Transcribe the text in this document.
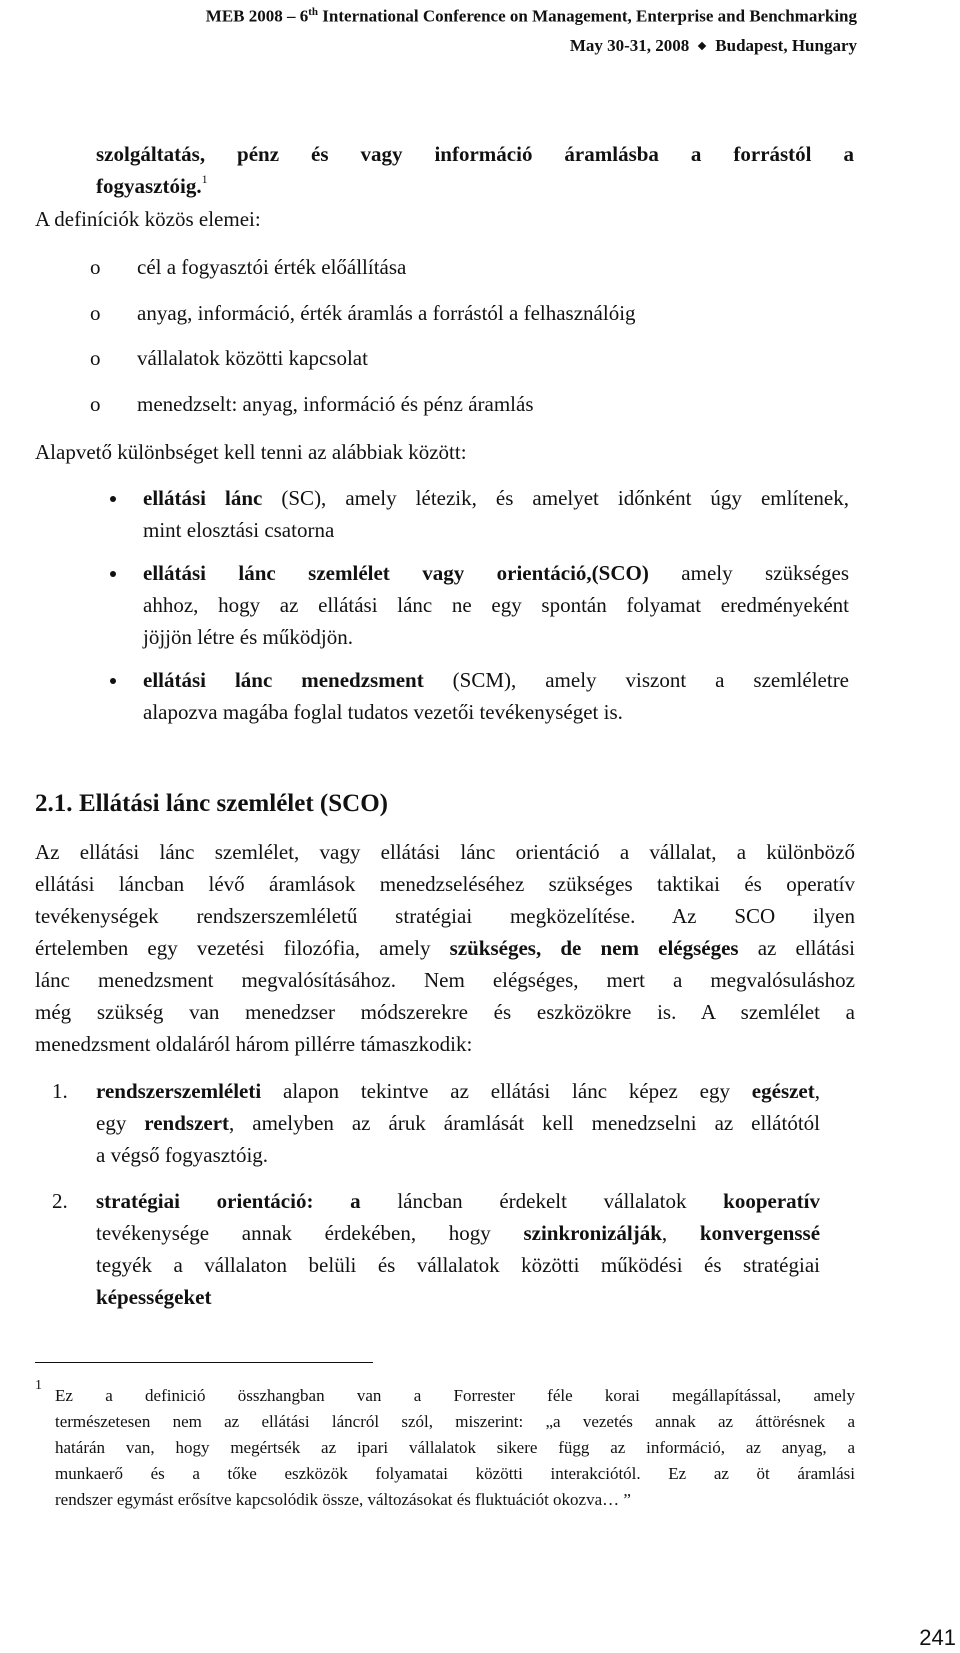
MEB 2008 – 6th International Conference on Management, Enterprise and Benchmarking
May 30-31, 2008 Budapest, Hungary
szolgáltatás, pénz és vagy információ áramlásba a forrástól a
fogyasztóig.$^1$
A definíciók közös elemei:
o cél a fogyasztói érték előállítása
o anyag, információ, érték áramlás a forrástól a felhasználóig
o vállalatok közötti kapcsolat
o menedzselt: anyag, információ és pénz áramlás
Alapvető különbséget kell tenni az alábbiak között:
ellátási lánc (SC), amely létezik, és amelyet időnként úgy említenek,
mint elosztási csatorna
ellátási lánc szemlélet vagy orientáció,(SCO) amely szükséges
ahhoz, hogy az ellátási lánc ne egy spontán folyamat eredményeként
jöjjön létre és működjön.
ellátási lánc menedzsment (SCM), amely viszont a szemléletre
alapozva magába foglal tudatos vezetői tevékenységet is.
2.1. Ellátási lánc szemlélet (SCO)
Az ellátási lánc szemlélet, vagy ellátási lánc orientáció a vállalat, a különböző
ellátási láncban lévő áramlások menedzseléséhez szükséges taktikai és operatív
tevékenységek rendszerszemléletű stratégiai megközelítése. Az SCO ilyen
értelemben egy vezetési filozófia, amely szükséges, de nem elégséges az ellátási
lánc menedzsment megvalósításához. Nem elégséges, mert a megvalósuláshoz
még szükség van menedzser módszerekre és eszközökre is. A szemlélet a
menedzsment oldaláról három pillérre támaszkodik:
1. rendszerszemléleti alapon tekintve az ellátási lánc képez egy egészet,
egy rendszert, amelyben az áruk áramlását kell menedzselni az ellátótól
a végső fogyasztóig.
2. stratégiai orientáció: a láncban érdekelt vállalatok kooperatív
tevékenysége annak érdekében, hogy szinkronizálják, konvergenssé
tegyék a vállalaton belüli és vállalatok közötti működési és stratégiai
képességeket
1
Ez a definició összhangban van a Forrester féle korai megállapítással, amely
természetesen nem az ellátási láncról szól, miszerint: „a vezetés annak az áttörésnek a
határán van, hogy megértsék az ipari vállalatok sikere függ az információ, az anyag, a
munkaerő és a tőke eszközök folyamatai közötti interakciótól. Ez az öt áramlási
rendszer egymást erősítve kapcsolódik össze, változásokat és fluktuációt okozva… ”
241
